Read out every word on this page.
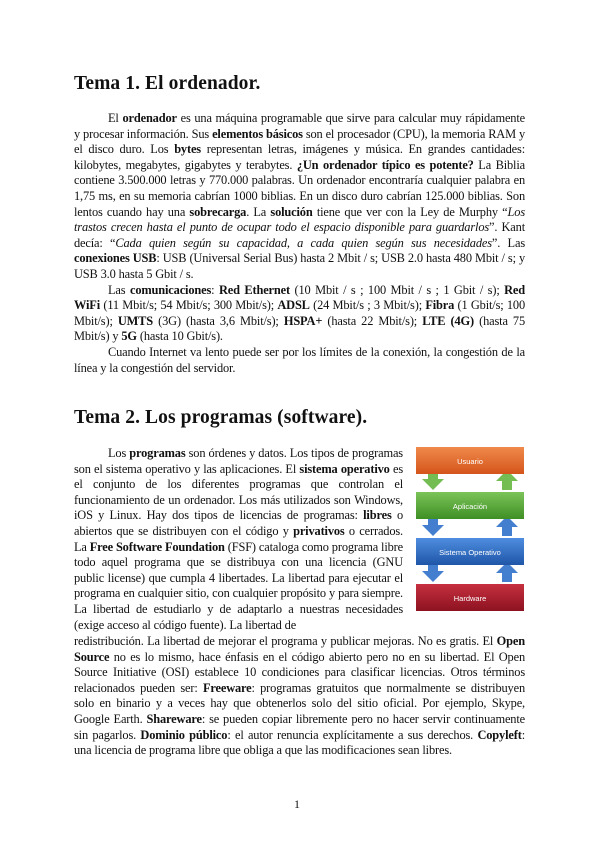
Tema 1. El ordenador.

El ordenador es una máquina programable que sirve para calcular muy rápidamente y procesar información. Sus elementos básicos son el procesador (CPU), la memoria RAM y el disco duro. Los bytes representan letras, imágenes y música. En grandes cantidades: kilobytes, megabytes, gigabytes y terabytes. ¿Un ordenador típico es potente? La Biblia contiene 3.500.000 letras y 770.000 palabras. Un ordenador encontraría cualquier palabra en 1,75 ms, en su memoria cabrían 1000 biblias. En un disco duro cabrían 125.000 biblias. Son lentos cuando hay una sobrecarga. La solución tiene que ver con la Ley de Murphy “Los trastos crecen hasta el punto de ocupar todo el espacio disponible para guardarlos”. Kant decía: “Cada quien según su capacidad, a cada quien según sus necesidades”. Las conexiones USB: USB (Universal Serial Bus) hasta 2 Mbit / s; USB 2.0 hasta 480 Mbit / s; y USB 3.0 hasta 5 Gbit / s.

Las comunicaciones: Red Ethernet (10 Mbit / s ; 100 Mbit / s ; 1 Gbit / s); Red WiFi (11 Mbit/s; 54 Mbit/s; 300 Mbit/s); ADSL (24 Mbit/s ; 3 Mbit/s); Fibra (1 Gbit/s; 100 Mbit/s); UMTS (3G) (hasta 3,6 Mbit/s); HSPA+ (hasta 22 Mbit/s); LTE (4G) (hasta 75 Mbit/s) y 5G (hasta 10 Gbit/s).

Cuando Internet va lento puede ser por los límites de la conexión, la congestión de la línea y la congestión del servidor.

Tema 2. Los programas (software).

Los programas son órdenes y datos. Los tipos de programas son el sistema operativo y las aplicaciones. El sistema operativo es el conjunto de los diferentes programas que controlan el funcionamiento de un ordenador. Los más utilizados son Windows, iOS y Linux. Hay dos tipos de licencias de programas: libres o abiertos que se distribuyen con el código y privativos o cerrados. La Free Software Foundation (FSF) cataloga como programa libre todo aquel programa que se distribuya con una licencia (GNU public license) que cumpla 4 libertades. La libertad para ejecutar el programa en cualquier sitio, con cualquier propósito y para siempre. La libertad de estudiarlo y de adaptarlo a nuestras necesidades (exige acceso al código fuente). La libertad de

redistribución. La libertad de mejorar el programa y publicar mejoras. No es gratis. El Open Source no es lo mismo, hace énfasis en el código abierto pero no en su libertad. El Open Source Initiative (OSI) establece 10 condiciones para clasificar licencias. Otros términos relacionados pueden ser: Freeware: programas gratuitos que normalmente se distribuyen solo en binario y a veces hay que obtenerlos solo del sitio oficial. Por ejemplo, Skype, Google Earth. Shareware: se pueden copiar libremente pero no hacer servir continuamente sin pagarlos. Dominio público: el autor renuncia explícitamente a sus derechos. Copyleft: una licencia de programa libre que obliga a que las modificaciones sean libres.

Usuario
Aplicación
Sistema Operativo
Hardware
1
